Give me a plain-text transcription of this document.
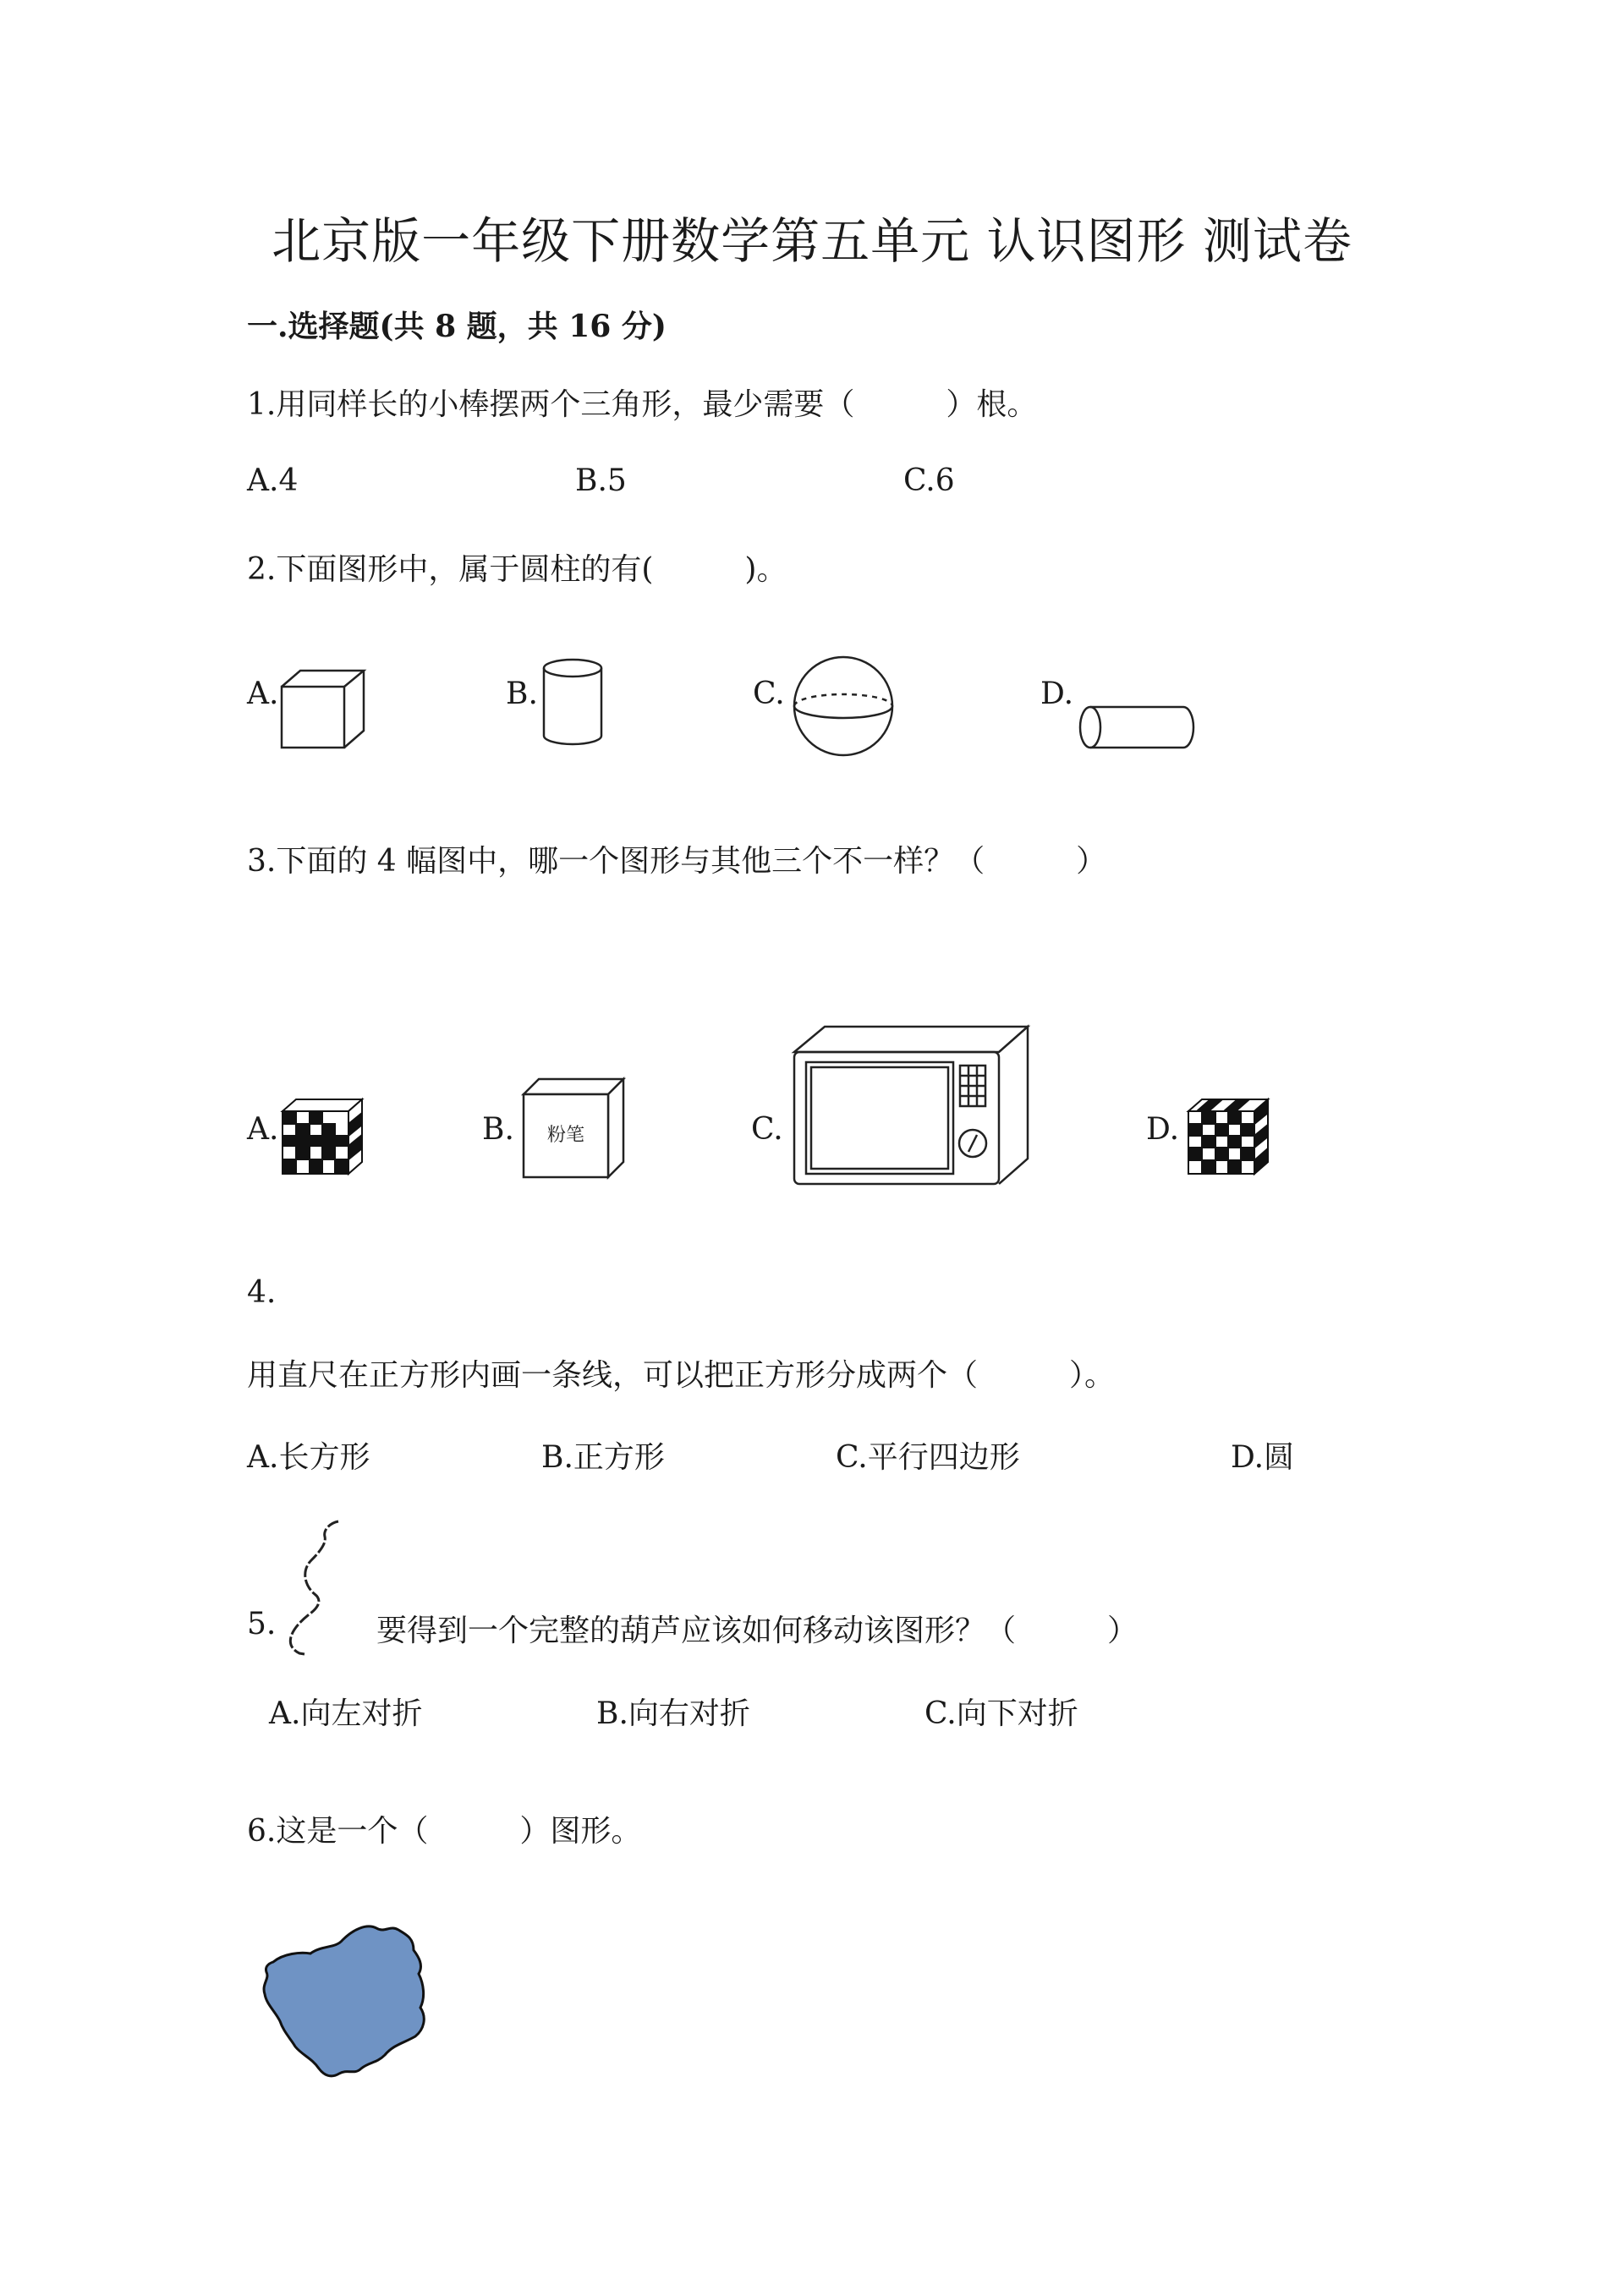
北京版一年级下册数学第五单元 认识图形 测试卷
一.选择题(共 8 题，共 16 分)
1.用同样长的小棒摆两个三角形，最少需要（　　　）根。
A.4	B.5	C.6
2.下面图形中，属于圆柱的有(　　　)。
A.	B.	C.	D.
3.下面的 4 幅图中，哪一个图形与其他三个不一样？（　　　）
A.	B.	C.	D.
粉笔
4.
用直尺在正方形内画一条线，可以把正方形分成两个（　　　）。
A.长方形	B.正方形	C.平行四边形	D.圆
5.	要得到一个完整的葫芦应该如何移动该图形？（　　　）
A.向左对折	B.向右对折	C.向下对折
6.这是一个（　　　）图形。
